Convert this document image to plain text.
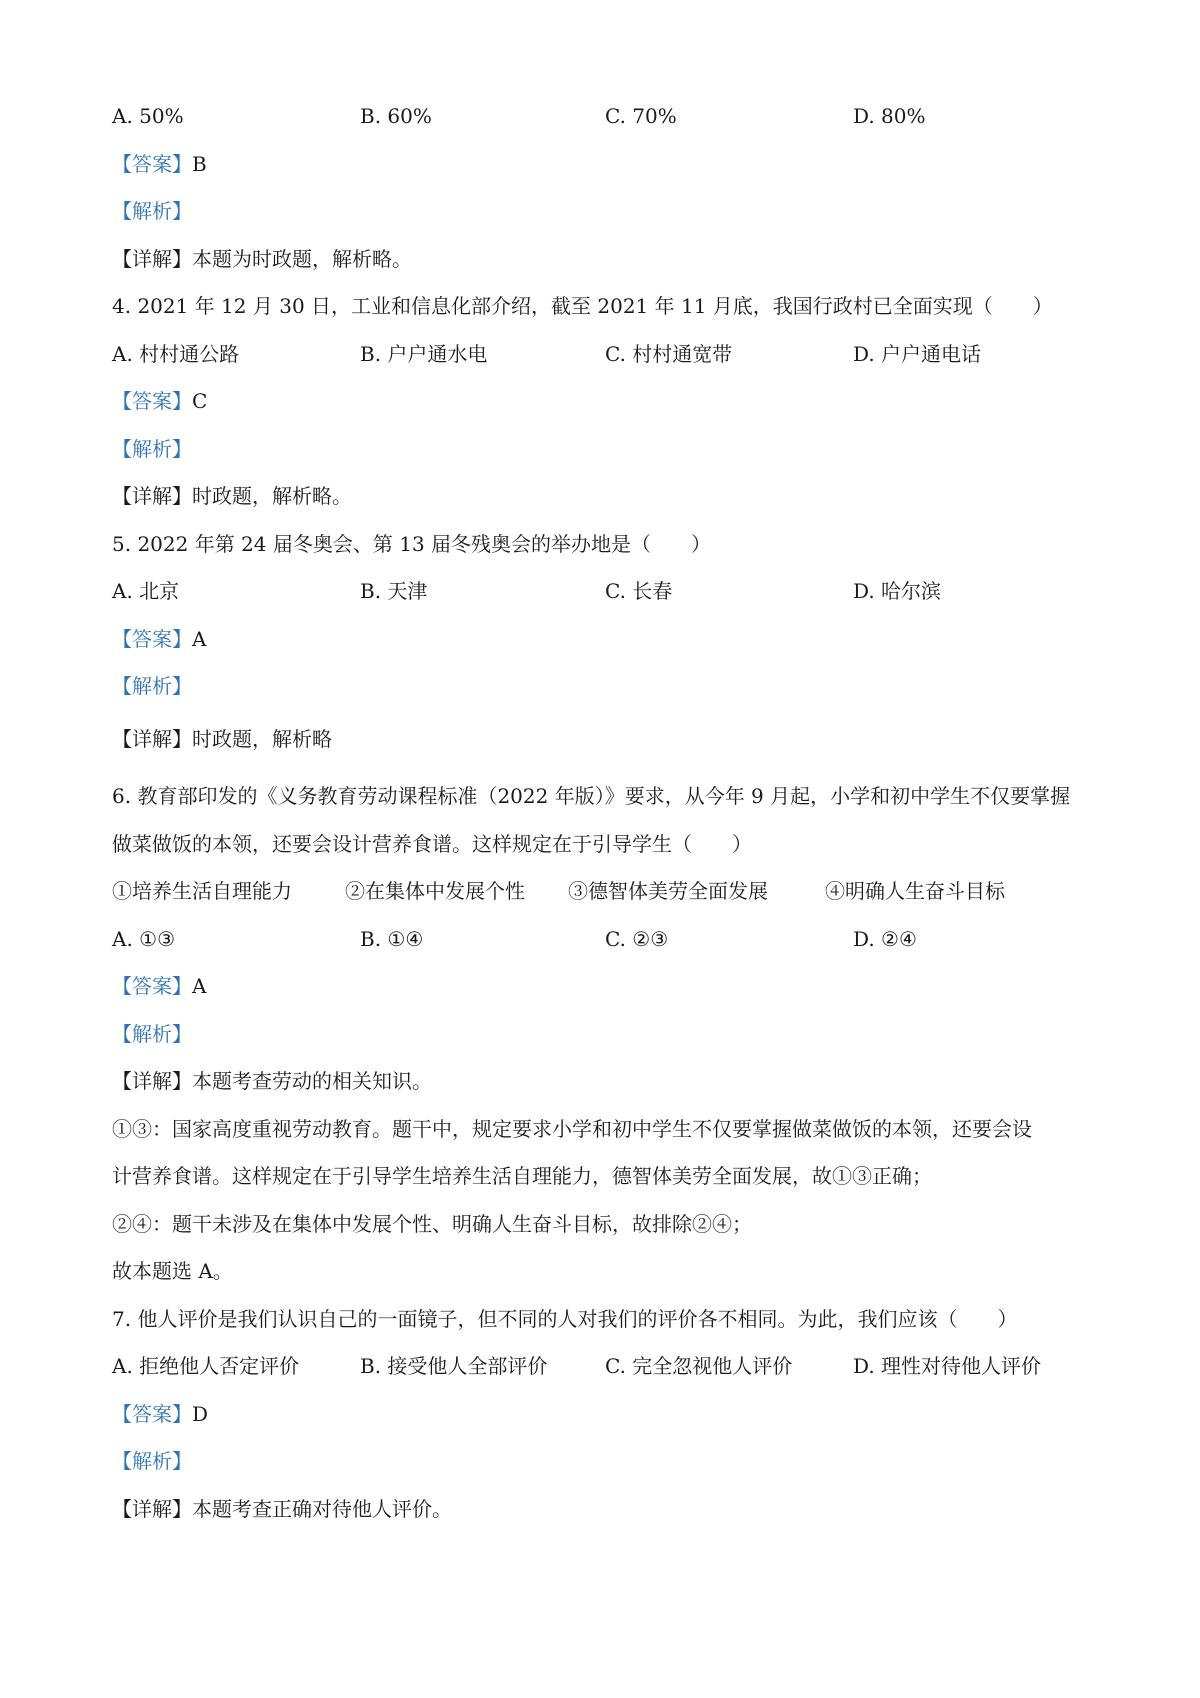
A. 50%	B. 60%	C. 70%	D. 80%
【答案】B
【解析】
【详解】本题为时政题，解析略。
4. 2021 年 12 月 30 日，工业和信息化部介绍，截至 2021 年 11 月底，我国行政村已全面实现（　　）
A. 村村通公路	B. 户户通水电	C. 村村通宽带	D. 户户通电话
【答案】C
【解析】
【详解】时政题，解析略。
5. 2022 年第 24 届冬奥会、第 13 届冬残奥会的举办地是（　　）
A. 北京	B. 天津	C. 长春	D. 哈尔滨
【答案】A
【解析】
【详解】时政题，解析略
6. 教育部印发的《义务教育劳动课程标准（2022 年版）》要求，从今年 9 月起，小学和初中学生不仅要掌握
做菜做饭的本领，还要会设计营养食谱。这样规定在于引导学生（　　）
①培养生活自理能力	②在集体中发展个性 ③德智体美劳全面发展	④明确人生奋斗目标
A. ①③	B. ①④	C. ②③	D. ②④
【答案】A
【解析】
【详解】本题考查劳动的相关知识。
①③：国家高度重视劳动教育。题干中，规定要求小学和初中学生不仅要掌握做菜做饭的本领，还要会设
计营养食谱。这样规定在于引导学生培养生活自理能力，德智体美劳全面发展，故①③正确；
②④：题干未涉及在集体中发展个性、明确人生奋斗目标，故排除②④；
故本题选 A。
7. 他人评价是我们认识自己的一面镜子，但不同的人对我们的评价各不相同。为此，我们应该（　　）
A. 拒绝他人否定评价	B. 接受他人全部评价	C. 完全忽视他人评价	D. 理性对待他人评价
【答案】D
【解析】
【详解】本题考查正确对待他人评价。
